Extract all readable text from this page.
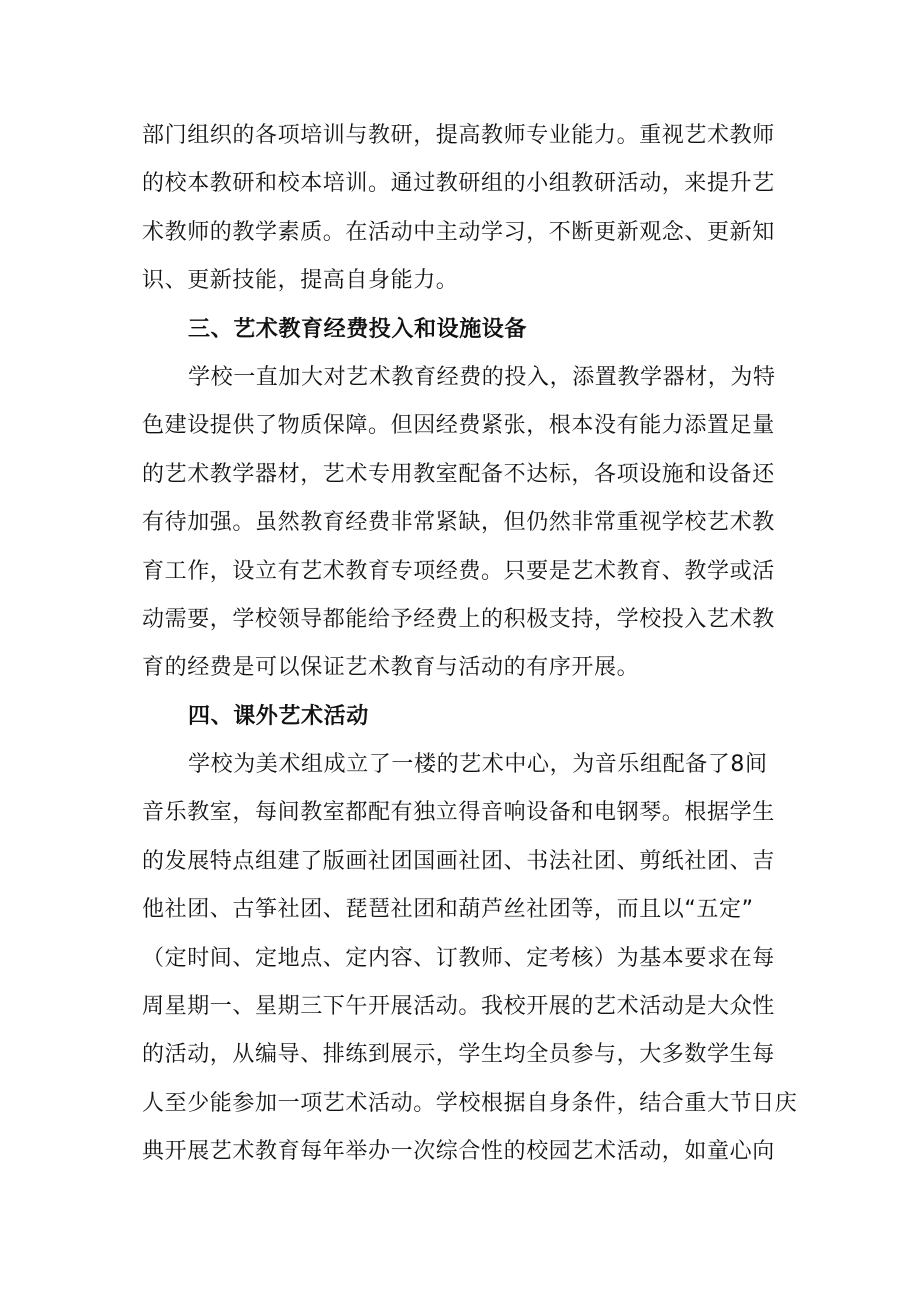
部门组织的各项培训与教研，提高教师专业能力。重视艺术教师
的校本教研和校本培训。通过教研组的小组教研活动，来提升艺
术教师的教学素质。在活动中主动学习，不断更新观念、更新知
识、更新技能，提高自身能力。
三、艺术教育经费投入和设施设备
学校一直加大对艺术教育经费的投入，添置教学器材，为特
色建设提供了物质保障。但因经费紧张，根本没有能力添置足量
的艺术教学器材，艺术专用教室配备不达标，各项设施和设备还
有待加强。虽然教育经费非常紧缺，但仍然非常重视学校艺术教
育工作，设立有艺术教育专项经费。只要是艺术教育、教学或活
动需要，学校领导都能给予经费上的积极支持，学校投入艺术教
育的经费是可以保证艺术教育与活动的有序开展。
四、课外艺术活动
学校为美术组成立了一楼的艺术中心，为音乐组配备了8间
音乐教室，每间教室都配有独立得音响设备和电钢琴。根据学生
的发展特点组建了版画社团国画社团、书法社团、剪纸社团、吉
他社团、古筝社团、琵琶社团和葫芦丝社团等，而且以“五定”
（定时间、定地点、定内容、订教师、定考核）为基本要求在每
周星期一、星期三下午开展活动。我校开展的艺术活动是大众性
的活动，从编导、排练到展示，学生均全员参与，大多数学生每
人至少能参加一项艺术活动。学校根据自身条件，结合重大节日庆
典开展艺术教育每年举办一次综合性的校园艺术活动，如童心向
